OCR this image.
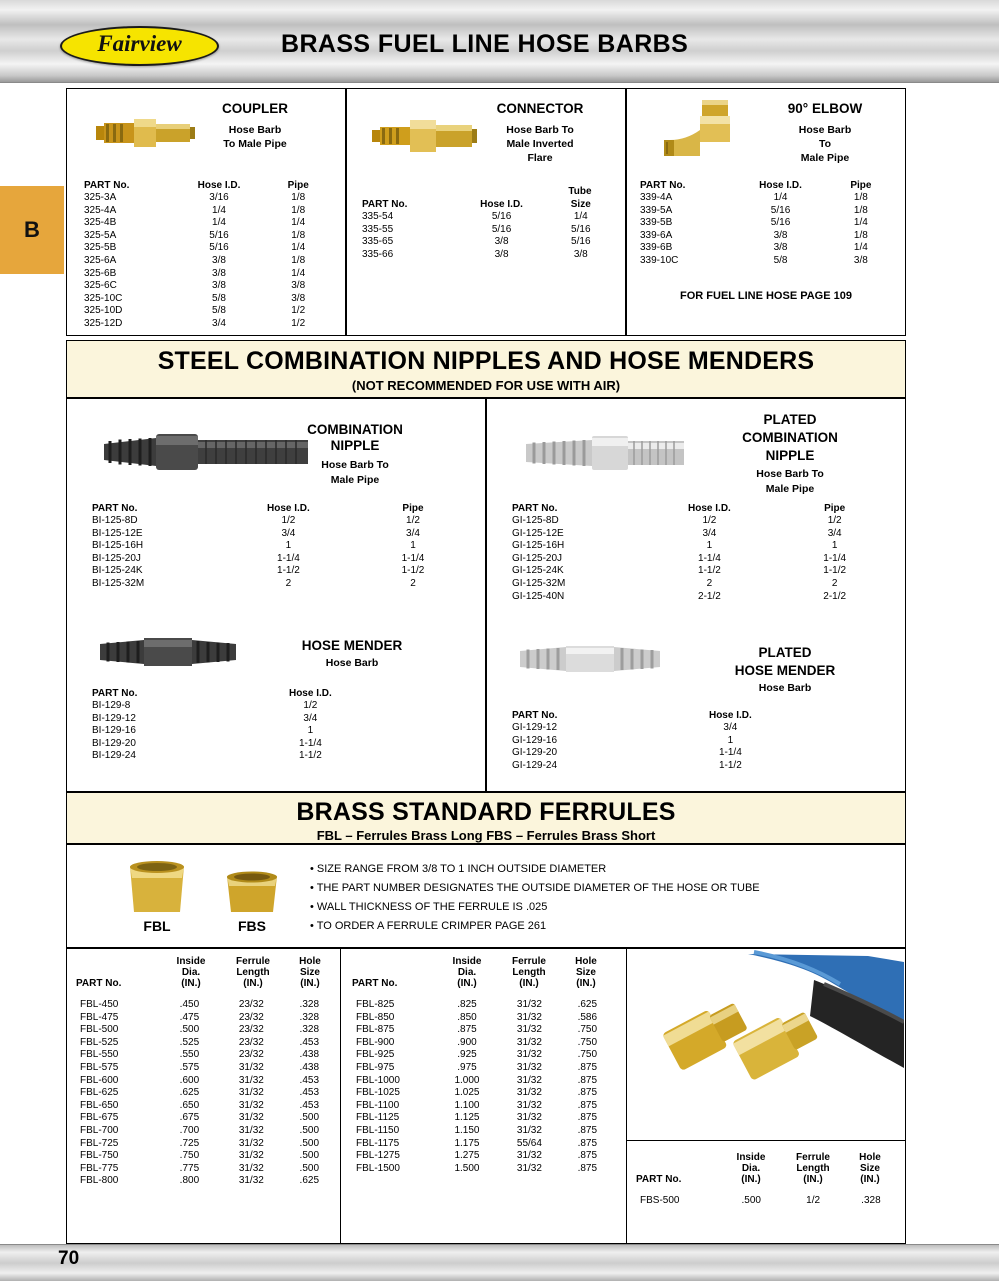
Fairview	BRASS FUEL LINE HOSE BARBS
B
COUPLER
Hose Barb
To Male Pipe
PART No.	Hose I.D.	Pipe
325-3A	3/16	1/8
325-4A	1/4	1/8
325-4B	1/4	1/4
325-5A	5/16	1/8
325-5B	5/16	1/4
325-6A	3/8	1/8
325-6B	3/8	1/4
325-6C	3/8	3/8
325-10C	5/8	3/8
325-10D	5/8	1/2
325-12D	3/4	1/2
CONNECTOR
Hose Barb To
Male Inverted
Flare
Tube
PART No.	Hose I.D.	Size
335-54	5/16	1/4
335-55	5/16	5/16
335-65	3/8	5/16
335-66	3/8	3/8
90° ELBOW
Hose Barb
To
Male Pipe
PART No.	Hose I.D.	Pipe
339-4A	1/4	1/8
339-5A	5/16	1/8
339-5B	5/16	1/4
339-6A	3/8	1/8
339-6B	3/8	1/4
339-10C	5/8	3/8
FOR FUEL LINE HOSE PAGE 109
STEEL COMBINATION NIPPLES AND HOSE MENDERS
(NOT RECOMMENDED FOR USE WITH AIR)
COMBINATION
NIPPLE
Hose Barb To
Male Pipe
PART No.	Hose I.D.	Pipe
BI-125-8D	1/2	1/2
BI-125-12E	3/4	3/4
BI-125-16H	1	1
BI-125-20J	1-1/4	1-1/4
BI-125-24K	1-1/2	1-1/2
BI-125-32M	2	2
PLATED
COMBINATION
NIPPLE
Hose Barb To
Male Pipe
PART No.	Hose I.D.	Pipe
GI-125-8D	1/2	1/2
GI-125-12E	3/4	3/4
GI-125-16H	1	1
GI-125-20J	1-1/4	1-1/4
GI-125-24K	1-1/2	1-1/2
GI-125-32M	2	2
GI-125-40N	2-1/2	2-1/2
HOSE MENDER
Hose Barb
PART No.	Hose I.D.
BI-129-8	1/2
BI-129-12	3/4
BI-129-16	1
BI-129-20	1-1/4
BI-129-24	1-1/2
PLATED
HOSE MENDER
Hose Barb
PART No.	Hose I.D.
GI-129-12	3/4
GI-129-16	1
GI-129-20	1-1/4
GI-129-24	1-1/2
BRASS STANDARD FERRULES
FBL – Ferrules Brass Long FBS – Ferrules Brass Short
FBL	FBS
• SIZE RANGE FROM 3/8 TO 1 INCH OUTSIDE DIAMETER
• THE PART NUMBER DESIGNATES THE OUTSIDE DIAMETER OF THE HOSE OR TUBE
• WALL THICKNESS OF THE FERRULE IS .025
• TO ORDER A FERRULE CRIMPER PAGE 261
Inside	Ferrule	Hole
Dia.	Length	Size
PART No.	(IN.)	(IN.)	(IN.)
FBL-450	.450	23/32	.328
FBL-475	.475	23/32	.328
FBL-500	.500	23/32	.328
FBL-525	.525	23/32	.453
FBL-550	.550	23/32	.438
FBL-575	.575	31/32	.438
FBL-600	.600	31/32	.453
FBL-625	.625	31/32	.453
FBL-650	.650	31/32	.453
FBL-675	.675	31/32	.500
FBL-700	.700	31/32	.500
FBL-725	.725	31/32	.500
FBL-750	.750	31/32	.500
FBL-775	.775	31/32	.500
FBL-800	.800	31/32	.625
Inside	Ferrule	Hole
Dia.	Length	Size
PART No.	(IN.)	(IN.)	(IN.)
FBL-825	.825	31/32	.625
FBL-850	.850	31/32	.586
FBL-875	.875	31/32	.750
FBL-900	.900	31/32	.750
FBL-925	.925	31/32	.750
FBL-975	.975	31/32	.875
FBL-1000	1.000	31/32	.875
FBL-1025	1.025	31/32	.875
FBL-1100	1.100	31/32	.875
FBL-1125	1.125	31/32	.875
FBL-1150	1.150	31/32	.875
FBL-1175	1.175	55/64	.875
FBL-1275	1.275	31/32	.875
FBL-1500	1.500	31/32	.875
Inside	Ferrule	Hole
Dia.	Length	Size
PART No.	(IN.)	(IN.)	(IN.)
FBS-500	.500	1/2	.328
70
